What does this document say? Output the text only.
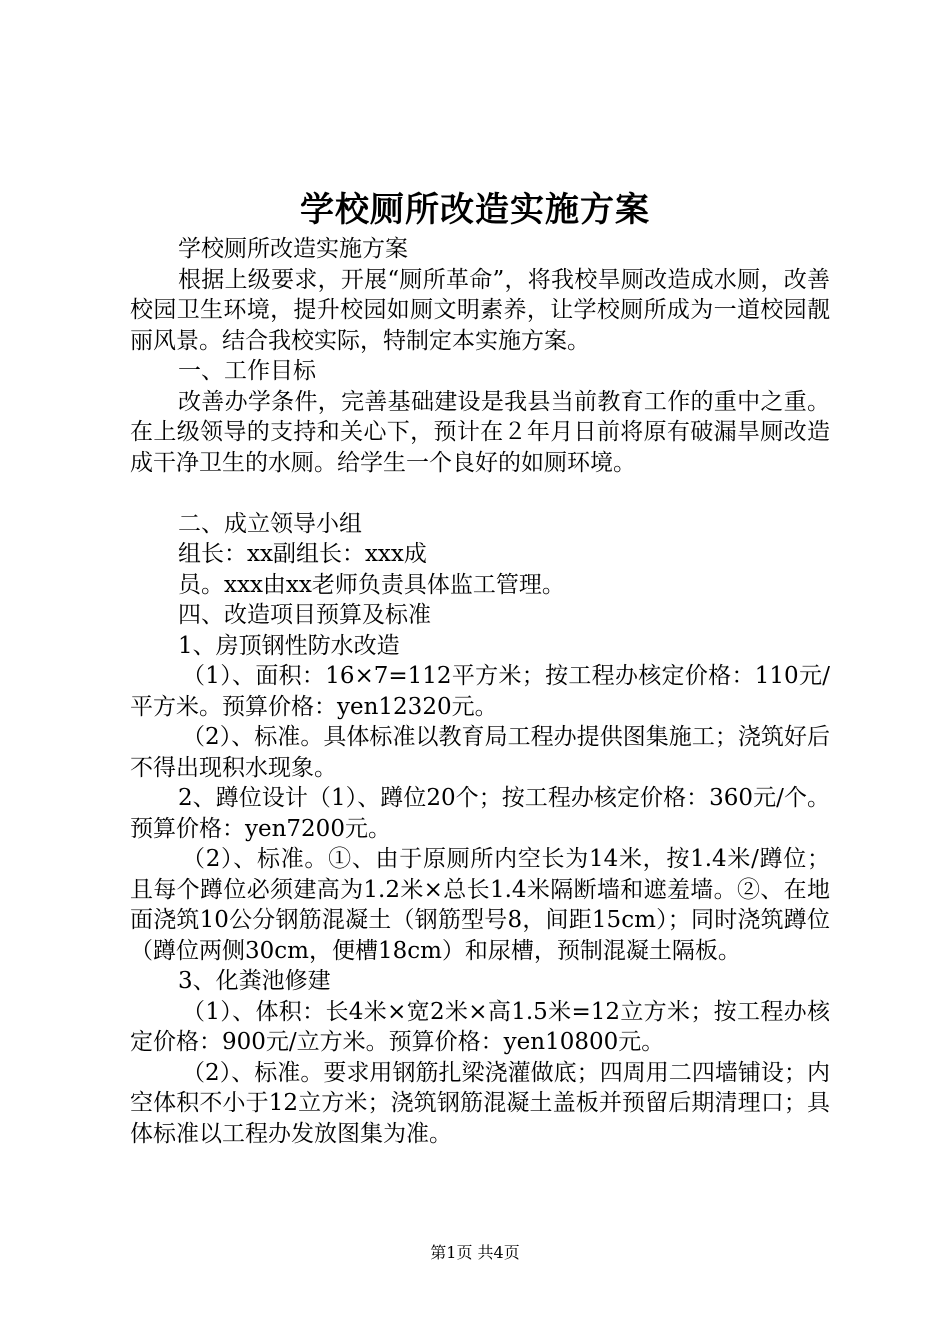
学校厕所改造实施方案

学校厕所改造实施方案

根据上级要求，开展“厕所革命”，将我校旱厕改造成水厕，改善校园卫生环境，提升校园如厕文明素养，让学校厕所成为一道校园靓丽风景。结合我校实际，特制定本实施方案。

一、工作目标

改善办学条件，完善基础建设是我县当前教育工作的重中之重。在上级领导的支持和关心下，预计在２年月日前将原有破漏旱厕改造成干净卫生的水厕。给学生一个良好的如厕环境。

二、成立领导小组

组长：xx副组长：xxx成

员。xxx由xx老师负责具体监工管理。

四、改造项目预算及标准

1、房顶钢性防水改造

（1）、面积：16×7=112平方米；按工程办核定价格：110元/平方米。预算价格：yen12320元。

（2）、标准。具体标准以教育局工程办提供图集施工；浇筑好后不得出现积水现象。

2、蹲位设计（1）、蹲位20个；按工程办核定价格：360元/个。预算价格：yen7200元。

（2）、标准。①、由于原厕所内空长为14米，按1.4米/蹲位；且每个蹲位必须建高为1.2米×总长1.4米隔断墙和遮羞墙。②、在地面浇筑10公分钢筋混凝土（钢筋型号8，间距15cm）；同时浇筑蹲位（蹲位两侧30cm，便槽18cm）和尿槽，预制混凝土隔板。

3、化粪池修建

（1）、体积：长4米×宽2米×高1.5米=12立方米；按工程办核定价格：900元/立方米。预算价格：yen10800元。

（2）、标准。要求用钢筋扎梁浇灌做底；四周用二四墙铺设；内空体积不小于12立方米；浇筑钢筋混凝土盖板并预留后期清理口；具体标准以工程办发放图集为准。

第1页 共4页
